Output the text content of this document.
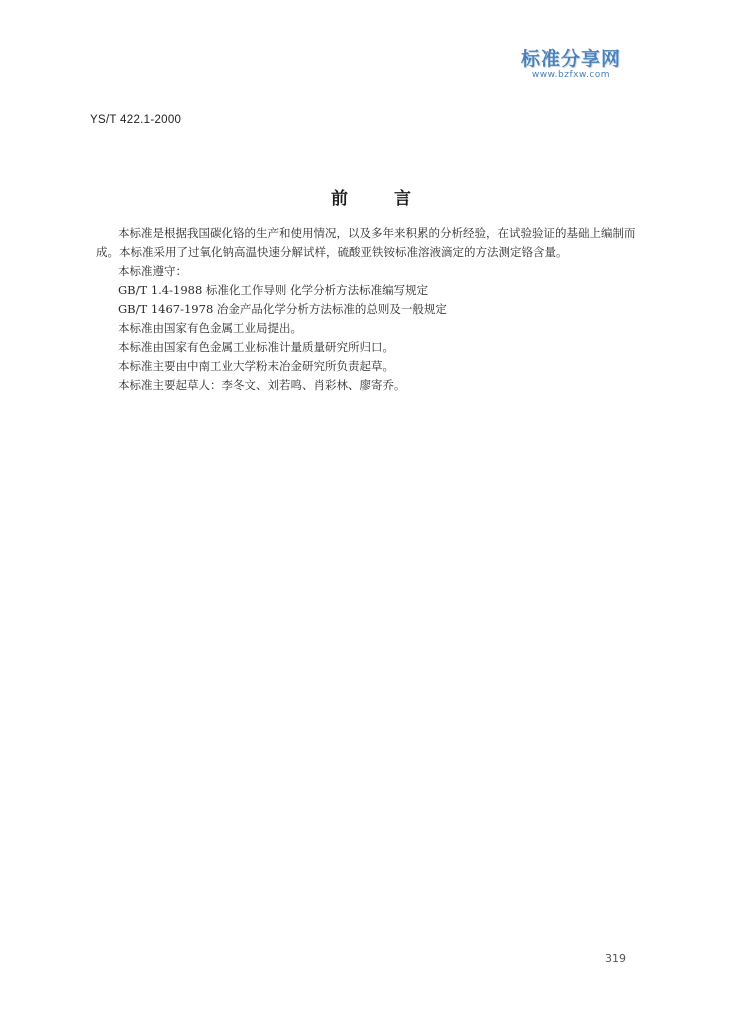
标准分享网
www.bzfxw.com
YS/T 422.1-2000
前言

本标准是根据我国碳化铬的生产和使用情况，以及多年来积累的分析经验，在试验验证的基础上编制而成。本标准采用了过氧化钠高温快速分解试样，硫酸亚铁铵标准溶液滴定的方法测定铬含量。

本标准遵守：

GB/T 1.4-1988 标准化工作导则 化学分析方法标准编写规定

GB/T 1467-1978 冶金产品化学分析方法标准的总则及一般规定

本标准由国家有色金属工业局提出。

本标准由国家有色金属工业标准计量质量研究所归口。

本标准主要由中南工业大学粉末冶金研究所负责起草。

本标准主要起草人：李冬文、刘若鸣、肖彩林、廖寄乔。

319
